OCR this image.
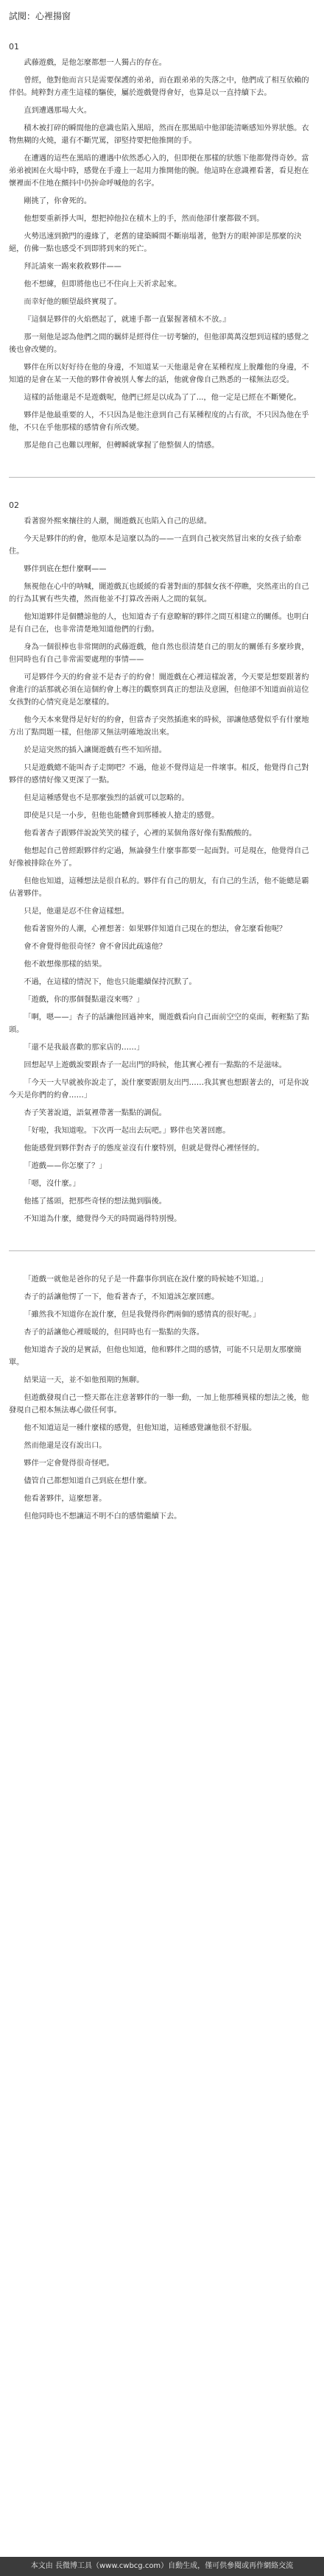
試閱：心裡揚窗
01

武藤遊戲，是他怎麼都想一人獨占的存在。

曾經，他對他而言只是需要保護的弟弟，而在跟弟弟的失落之中，他們成了相互依賴的伴侶。純粹對方產生這樣的驅使，屬於遊戲覺得會好，也算是以一直持續下去。

直到遭遇那場大火。

積木被打碎的瞬間他的意識也陷入黑暗，然而在那黑暗中他卻能清晰感知外界狀態。衣物焦糊的火燒，還有不斷咒罵，卻堅持要把他推開的手。

在遭遇的這些在黑暗的遭遇中依然悉心入的，但即便在那樣的狀態下他都覺得奇妙。當弟弟被困在火場中時，感覺在手邊上一起用力推開他的腕。他這時在意識裡看著，看見抱在懷裡面不住地在顫抖中仍拚命呼喊他的名字。

剛挑了，你會死的。

他想要重新掙大叫，想把掉他拉在積木上的手，然而他卻什麼都做不到。

火勢迅速到掀門的邊緣了，老舊的建築瞬間不斷崩塌著，他對方的眼神卻是那麼的決絕，仿佛一點也感受不到即將到來的死亡。

拜託請來一踢來救救夥伴——

他不想練，但即將他也已不住向上天祈求起來。

而幸好他的願望最終實現了。

『這個是夥伴的火焰燃起了，就連手都一直緊握著積木不放。』

那一刻他是認為他們之間的羈絆是經得住一切考驗的，但他卻萬萬沒想到這樣的感覺之後也會改變的。

夥伴在所以好好待在他的身邊，不知道某一天他還是會在某種程度上脫離他的身邊，不知道的是會在某一天他的夥伴會被別人奪去的話，他就會像自己熟悉的一樣無法忍受。

這樣的話他還是不是遊戲呢，他們已經是以成為了了...，他一定是已經在不斷變化。

夥伴是他最重要的人，不只因為是他注意到自己有某種程度的占有欲，不只因為他在乎他，不只在乎他那樣的感情會有所改變。

那是他自己也難以理解，但轉瞬就掌握了他整個人的情感。

02

看著窗外熙來攘往的人潮，闇遊戲瓦也陷入自己的思緒。

今天是夥伴的約會，他原本是這麼以為的——一直到自己被突然冒出來的女孩子給牽住。

夥伴到底在想什麼啊——

無視他在心中的呐喊，闇遊戲瓦也緩緩的看著對面的那個女孩不停瞧，突然產出的自己的行為其實有些失禮，然而他並不打算改善兩人之間的氣氛。

他知道夥伴是個體諒他的人，也知道杏子有意瞭解的夥伴之間互相建立的關係。也明白是有自己在，也非常清楚地知道他們的行動。

身為一個很棒也非常開朗的武藤遊戲，他自然也很清楚自己的朋友的關係有多麼珍貴，但同時也有自己非常需要處理的事情——

可是夥伴今天的約會並不是杏子的約會！闇遊戲在心裡這樣說著，今天要是想要跟著約會進行的話那就必須在這個約會上專注的觀察到真正的想法及意圖，但他卻不知道面前這位女孩對的心情究竟是怎麼樣的。

他今天本來覺得是好好的約會，但當杏子突然插進來的時候，卻讓他感覺似乎有什麼地方出了點問題一樣，但他卻又無法明確地說出來。

於是這突然的插入讓闇遊戲有些不知所措。

只是遊戲總不能叫杏子走開吧？不過，他並不覺得這是一件壞事。相反，他覺得自己對夥伴的感情好像又更深了一點。

但是這種感覺也不是那麼強烈的話就可以忽略的。

即使是只是一小步，但他也能體會到那種被人搶走的感覺。

他看著杏子跟夥伴說說笑笑的樣子，心裡的某個角落好像有點酸酸的。

他想起自己曾經跟夥伴約定過，無論發生什麼事都要一起面對。可是現在，他覺得自己好像被排除在外了。

但他也知道，這種想法是很自私的。夥伴有自己的朋友，有自己的生活，他不能總是霸佔著夥伴。

只是，他還是忍不住會這樣想。

他看著窗外的人潮，心裡想著：如果夥伴知道自己現在的想法，會怎麼看他呢？

會不會覺得他很奇怪？會不會因此疏遠他？

他不敢想像那樣的結果。

不過，在這樣的情況下，他也只能繼續保持沉默了。

「遊戲，你的那個餐點還沒來嗎？」

「啊，嗯——」杏子的話讓他回過神來，闇遊戲看向自己面前空空的桌面，輕輕點了點頭。

「還不是我最喜歡的那家店的……」

回想起早上遊戲說要跟杏子一起出門的時候，他其實心裡有一點點的不是滋味。

「今天一大早就被你說走了，說什麼要跟朋友出門……我其實也想跟著去的，可是你說今天是你們的約會……」

杏子笑著說道，語氣裡帶著一點點的調侃。

「好啦，我知道啦。下次再一起出去玩吧。」夥伴也笑著回應。

他能感覺到夥伴對杏子的態度並沒有什麼特別，但就是覺得心裡怪怪的。

「遊戲——你怎麼了？」

「嗯，沒什麼。」

他搖了搖頭，把那些奇怪的想法拋到腦後。

不知道為什麼，總覺得今天的時間過得特別慢。

「遊戲一就他是爸你的兒子是一件蠢事你到底在說什麼的時候她不知道。」

杏子的話讓他愣了一下，他看著杏子，不知道該怎麼回應。

「雖然我不知道你在說什麼，但是我覺得你們兩個的感情真的很好呢。」

杏子的話讓他心裡暖暖的，但同時也有一點點的失落。

他知道杏子說的是實話，但他也知道，他和夥伴之間的感情，可能不只是朋友那麼簡單。

結果這一天，並不如他預期的無聊。

但遊戲發現自己一整天都在注意著夥伴的一舉一動，一加上他那種異樣的想法之後，他發現自己根本無法專心做任何事。

他不知道這是一種什麼樣的感覺，但他知道，這種感覺讓他很不舒服。

然而他還是沒有說出口。

夥伴一定會覺得很奇怪吧。

儘管自己都想知道自己到底在想什麼。

他看著夥伴，這麼想著。

但他同時也不想讓這不明不白的感情繼續下去。

本文由 長微博工具（www.cwbcg.com）自動生成，僅可供參閱或再作網絡交流
